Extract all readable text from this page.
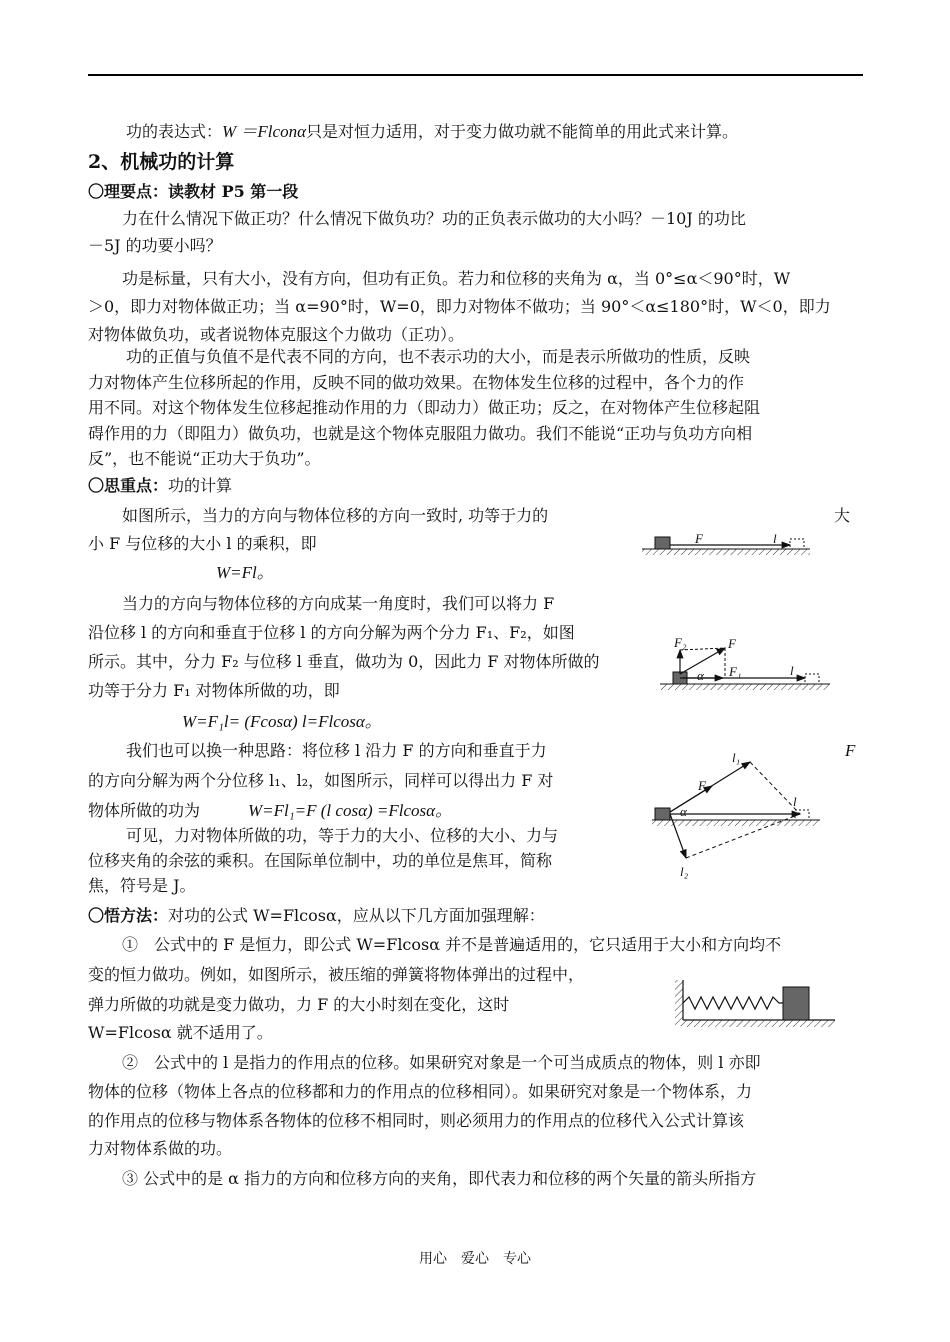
功的表达式：W ＝Flconα只是对恒力适用，对于变力做功就不能简单的用此式来计算。
2、机械功的计算
〇理要点：读教材 P5 第一段
力在什么情况下做正功？什么情况下做负功？功的正负表示做功的大小吗？－10J 的功比
－5J 的功要小吗？
功是标量，只有大小，没有方向，但功有正负。若力和位移的夹角为 α，当 0°≤α＜90°时，W
＞0，即力对物体做正功；当 α=90°时，W=0，即力对物体不做功；当 90°＜α≤180°时，W＜0，即力
对物体做负功，或者说物体克服这个力做功（正功）。
功的正值与负值不是代表不同的方向，也不表示功的大小，而是表示所做功的性质，反映
力对物体产生位移所起的作用，反映不同的做功效果。在物体发生位移的过程中，各个力的作
用不同。对这个物体发生位移起推动作用的力（即动力）做正功；反之，在对物体产生位移起阻
碍作用的力（即阻力）做负功，也就是这个物体克服阻力做功。我们不能说“正功与负功方向相
反”，也不能说“正功大于负功”。
〇思重点：功的计算
如图所示，当力的方向与物体位移的方向一致时, 功等于力的	大
小 F 与位移的大小 l 的乘积，即
W=Fl。
当力的方向与物体位移的方向成某一角度时，我们可以将力 F
沿位移 l 的方向和垂直于位移 l 的方向分解为两个分力 F₁、F₂，如图
所示。其中，分力 F₂ 与位移 l 垂直，做功为 0，因此力 F 对物体所做的
功等于分力 F₁ 对物体所做的功，即
W=F₁l= (Fcosα) l=Flcosα。
我们也可以换一种思路：将位移 l 沿力 F 的方向和垂直于力	F
的方向分解为两个分位移 l₁、l₂，如图所示，同样可以得出力 F 对
物体所做的功为	W=Fl₁=F (l cosα) =Flcosα。
可见，力对物体所做的功，等于力的大小、位移的大小、力与
位移夹角的余弦的乘积。在国际单位制中，功的单位是焦耳，简称
焦，符号是 J。
〇悟方法：对功的公式 W=Flcosα，应从以下几方面加强理解：
①　公式中的 F 是恒力，即公式 W=Flcosα 并不是普遍适用的，它只适用于大小和方向均不
变的恒力做功。例如，如图所示，被压缩的弹簧将物体弹出的过程中，
弹力所做的功就是变力做功，力 F 的大小时刻在变化，这时
W=Flcosα 就不适用了。
②　公式中的 l 是指力的作用点的位移。如果研究对象是一个可当成质点的物体，则 l 亦即
物体的位移（物体上各点的位移都和力的作用点的位移相同）。如果研究对象是一个物体系，力
的作用点的位移与物体系各物体的位移不相同时，则必须用力的作用点的位移代入公式计算该
力对物体系做的功。
③ 公式中的是 α 指力的方向和位移方向的夹角，即代表力和位移的两个矢量的箭头所指方
F	l
F₂	F
F₁
α	l
l₁
F
α
l
l₂
用心　爱心　专心
